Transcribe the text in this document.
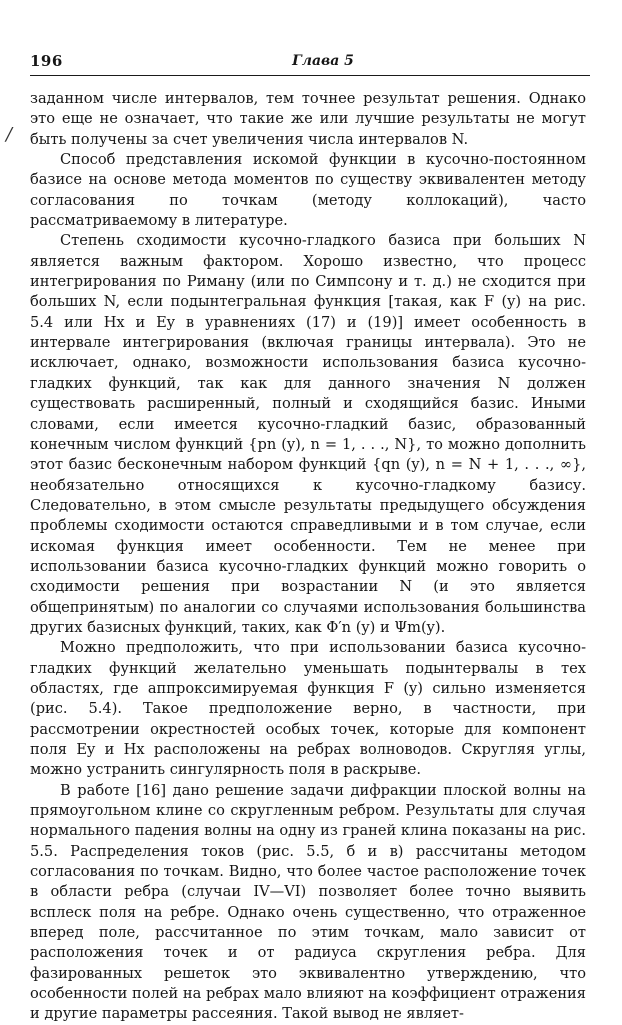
196	Глава 5
/

заданном числе интервалов, тем точнее результат решения. Однако это еще не означает, что такие же или лучшие результаты не могут быть получены за счет увеличения числа интервалов N.

Способ представления искомой функции в кусочно-постоянном базисе на основе метода моментов по существу эквивалентен методу согласования по точкам (методу коллокаций), часто рассматриваемому в литературе.

Степень сходимости кусочно-гладкого базиса при больших N является важным фактором. Хорошо известно, что процесс интегрирования по Риману (или по Симпсону и т. д.) не сходится при больших N, если подынтегральная функция [такая, как F (y) на рис. 5.4 или Hx и Ey в уравнениях (17) и (19)] имеет особенность в интервале интегрирования (включая границы интервала). Это не исключает, однако, возможности использования базиса кусочно-гладких функций, так как для данного значения N должен существовать расширенный, полный и сходящийся базис. Иными словами, если имеется кусочно-гладкий базис, образованный конечным числом функций {pn (y), n = 1, . . ., N}, то можно дополнить этот базис бесконечным набором функций {qn (y), n = N + 1, . . ., ∞}, необязательно относящихся к кусочно-гладкому базису. Следовательно, в этом смысле результаты предыдущего обсуждения проблемы сходимости остаются справедливыми и в том случае, если искомая функция имеет особенности. Тем не менее при использовании базиса кусочно-гладких функций можно говорить о сходимости решения при возрастании N (и это является общепринятым) по аналогии со случаями использования большинства других базисных функций, таких, как Φ′n (y) и Ψm(y).

Можно предположить, что при использовании базиса кусочно-гладких функций желательно уменьшать подынтервалы в тех областях, где аппроксимируемая функция F (y) сильно изменяется (рис. 5.4). Такое предположение верно, в частности, при рассмотрении окрестностей особых точек, которые для компонент поля Ey и Hx расположены на ребрах волноводов. Скругляя углы, можно устранить сингулярность поля в раскрыве.

В работе [16] дано решение задачи дифракции плоской волны на прямоугольном клине со скругленным ребром. Результаты для случая нормального падения волны на одну из граней клина показаны на рис. 5.5. Распределения токов (рис. 5.5, б и в) рассчитаны методом согласования по точкам. Видно, что более частое расположение точек в области ребра (случаи IV—VI) позволяет более точно выявить всплеск поля на ребре. Однако очень существенно, что отраженное вперед поле, рассчитанное по этим точкам, мало зависит от расположения точек и от радиуса скругления ребра. Для фазированных решеток это эквивалентно утверждению, что особенности полей на ребрах мало влияют на коэффициент отражения и другие параметры рассеяния. Такой вывод не являет-
